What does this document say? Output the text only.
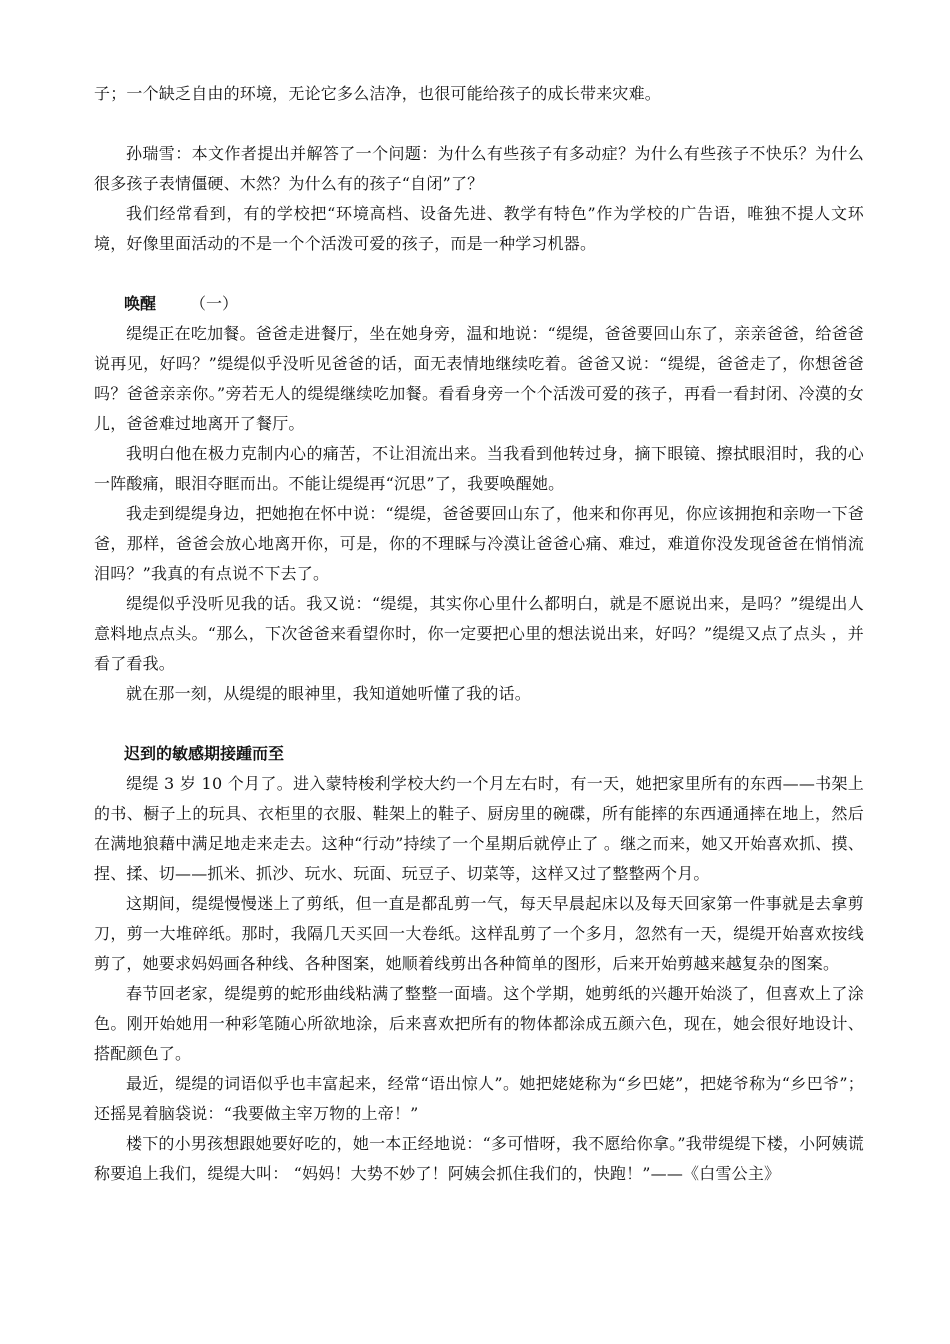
子；一个缺乏自由的环境，无论它多么洁净，也很可能给孩子的成长带来灾难。

孙瑞雪：本文作者提出并解答了一个问题：为什么有些孩子有多动症？为什么有些孩子不快乐？为什么很多孩子表情僵硬、木然？为什么有的孩子“自闭”了？

我们经常看到，有的学校把“环境高档、设备先进、教学有特色”作为学校的广告语，唯独不提人文环境，好像里面活动的不是一个个活泼可爱的孩子，而是一种学习机器。

唤醒 （一）

缇缇正在吃加餐。爸爸走进餐厅，坐在她身旁，温和地说：“缇缇，爸爸要回山东了，亲亲爸爸，给爸爸说再见，好吗？”缇缇似乎没听见爸爸的话，面无表情地继续吃着。爸爸又说：“缇缇，爸爸走了，你想爸爸吗？爸爸亲亲你。”旁若无人的缇缇继续吃加餐。看看身旁一个个活泼可爱的孩子，再看一看封闭、冷漠的女儿，爸爸难过地离开了餐厅。

我明白他在极力克制内心的痛苦，不让泪流出来。当我看到他转过身，摘下眼镜、擦拭眼泪时，我的心一阵酸痛，眼泪夺眶而出。不能让缇缇再“沉思”了，我要唤醒她。

我走到缇缇身边，把她抱在怀中说：“缇缇，爸爸要回山东了，他来和你再见，你应该拥抱和亲吻一下爸爸，那样，爸爸会放心地离开你，可是，你的不理睬与冷漠让爸爸心痛、难过，难道你没发现爸爸在悄悄流泪吗？”我真的有点说不下去了。

缇缇似乎没听见我的话。我又说：“缇缇，其实你心里什么都明白，就是不愿说出来，是吗？”缇缇出人意料地点点头。“那么，下次爸爸来看望你时，你一定要把心里的想法说出来，好吗？”缇缇又点了点头 ，并看了看我。

就在那一刻，从缇缇的眼神里，我知道她听懂了我的话。

迟到的敏感期接踵而至

缇缇 3 岁 10 个月了。进入蒙特梭利学校大约一个月左右时，有一天，她把家里所有的东西——书架上的书、橱子上的玩具、衣柜里的衣服、鞋架上的鞋子、厨房里的碗碟，所有能摔的东西通通摔在地上，然后在满地狼藉中满足地走来走去。这种“行动”持续了一个星期后就停止了 。继之而来，她又开始喜欢抓、摸、捏、揉、切——抓米、抓沙、玩水、玩面、玩豆子、切菜等，这样又过了整整两个月。

这期间，缇缇慢慢迷上了剪纸，但一直是都乱剪一气，每天早晨起床以及每天回家第一件事就是去拿剪刀，剪一大堆碎纸。那时，我隔几天买回一大卷纸。这样乱剪了一个多月，忽然有一天，缇缇开始喜欢按线剪了，她要求妈妈画各种线、各种图案，她顺着线剪出各种简单的图形，后来开始剪越来越复杂的图案。

春节回老家，缇缇剪的蛇形曲线粘满了整整一面墙。这个学期，她剪纸的兴趣开始淡了，但喜欢上了涂色。刚开始她用一种彩笔随心所欲地涂，后来喜欢把所有的物体都涂成五颜六色，现在，她会很好地设计、搭配颜色了。

最近，缇缇的词语似乎也丰富起来，经常“语出惊人”。她把姥姥称为“乡巴姥”，把姥爷称为“乡巴爷”；还摇晃着脑袋说：“我要做主宰万物的上帝！”

楼下的小男孩想跟她要好吃的，她一本正经地说：“多可惜呀，我不愿给你拿。”我带缇缇下楼，小阿姨谎称要追上我们，缇缇大叫： “妈妈！大势不妙了！阿姨会抓住我们的，快跑！”——《白雪公主》
